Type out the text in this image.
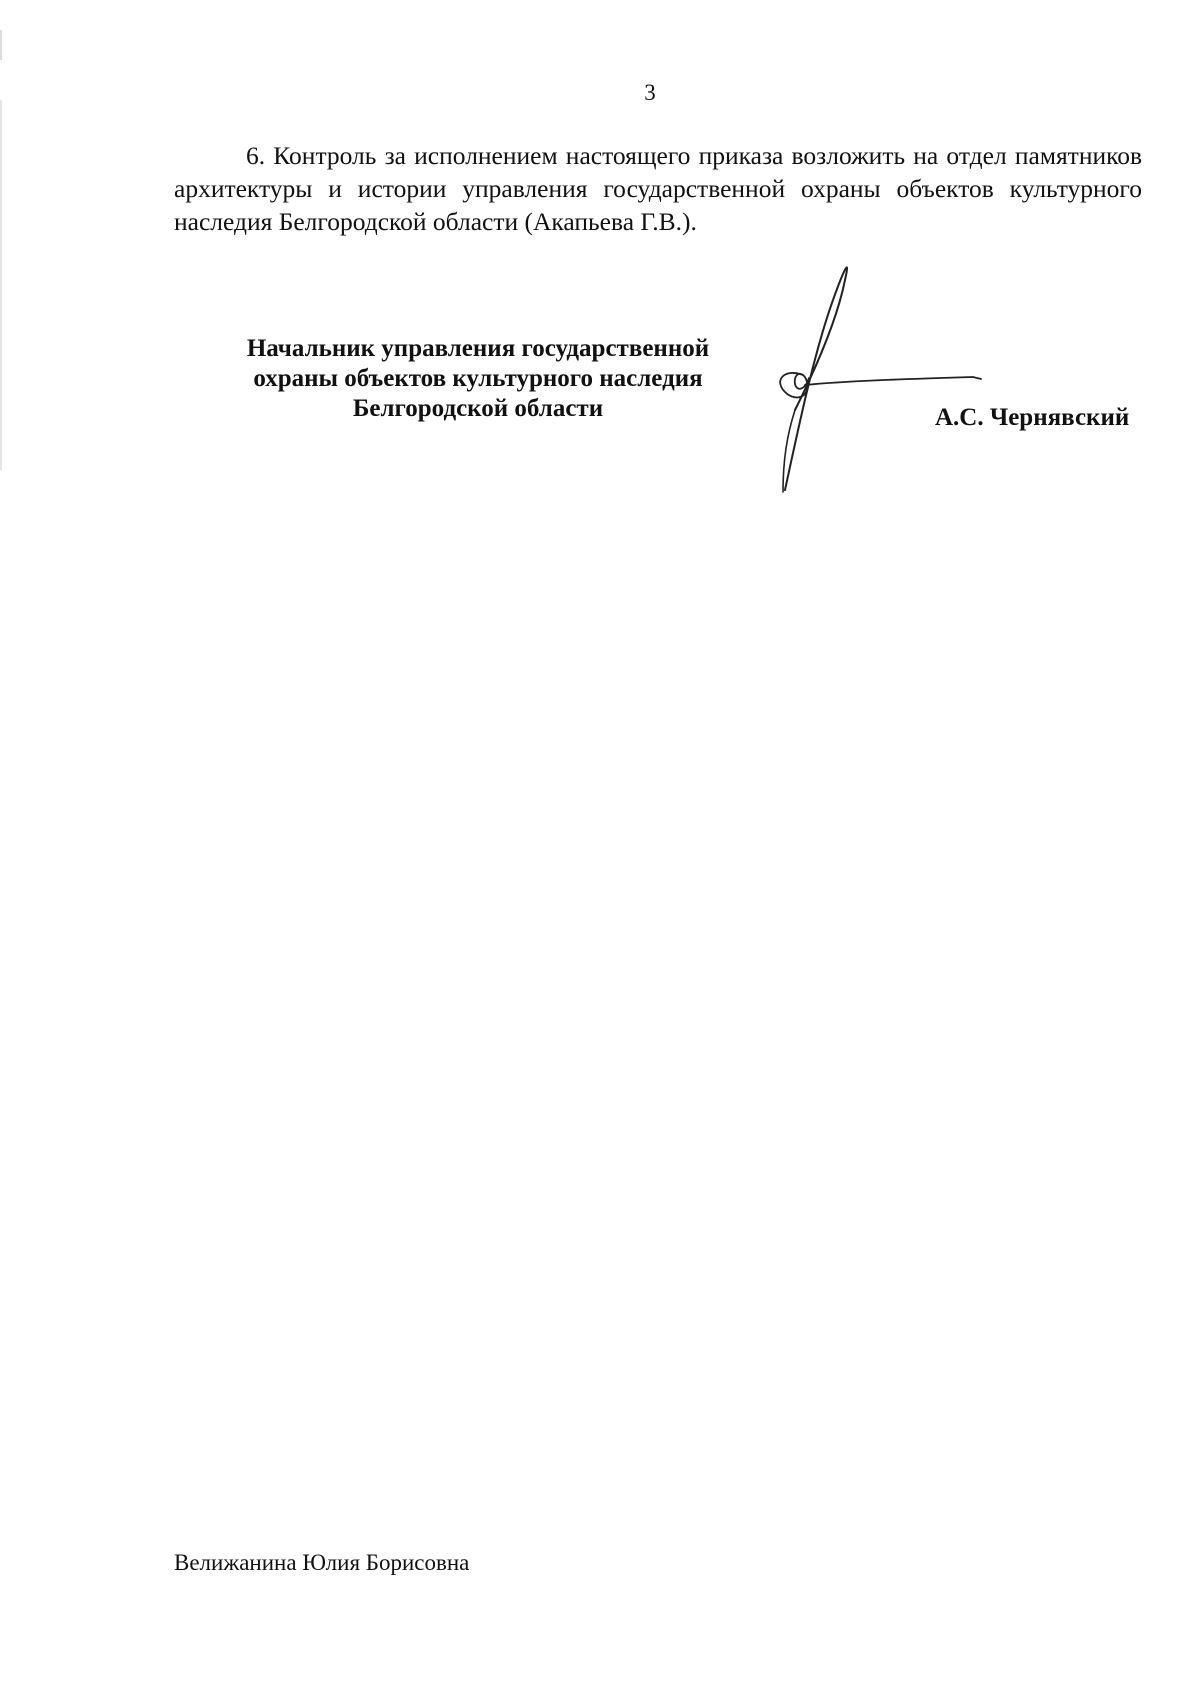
3
6. Контроль за исполнением настоящего приказа возложить на отдел памятников архитектуры и истории управления государственной охраны объектов культурного наследия Белгородской области (Акапьева Г.В.).
Начальник управления государственной
охраны объектов культурного наследия
Белгородской области	А.С. Чернявский
Велижанина Юлия Борисовна
